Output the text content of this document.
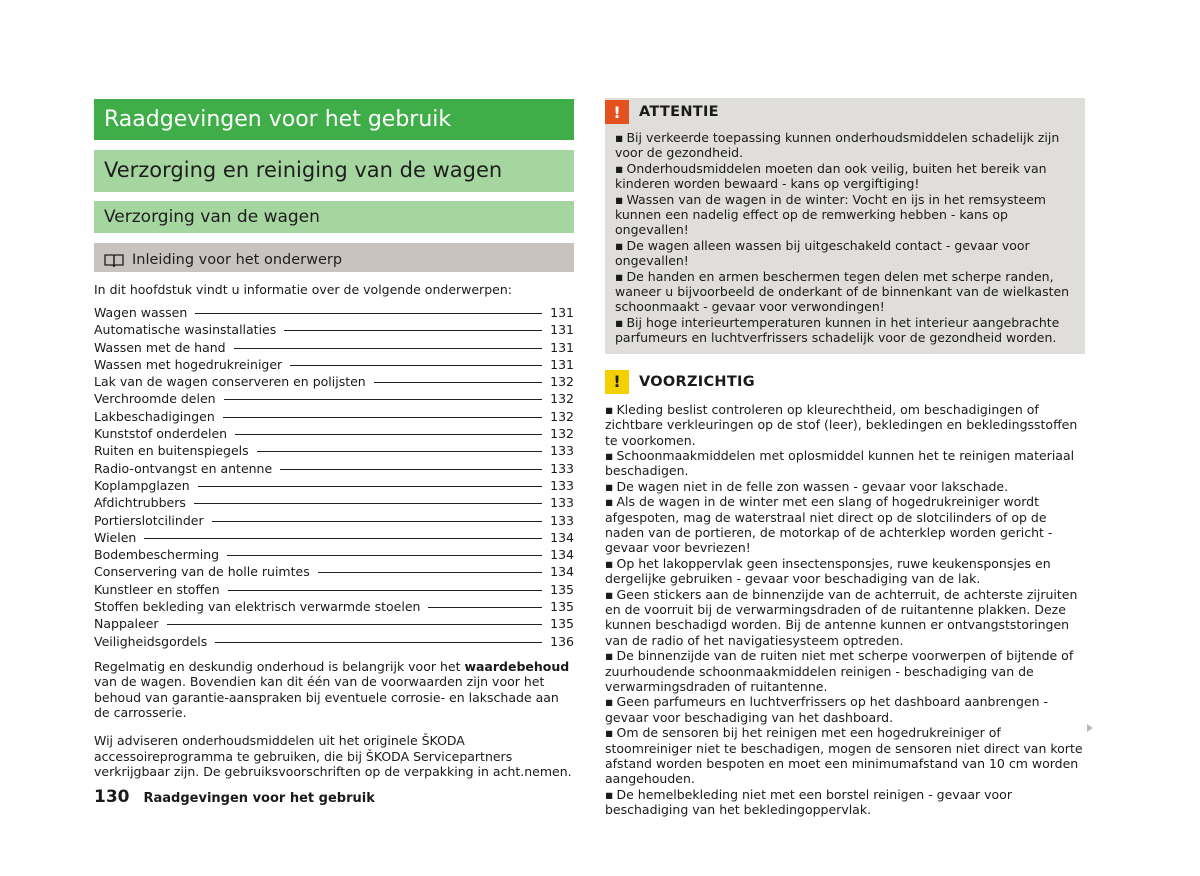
Raadgevingen voor het gebruik
Verzorging en reiniging van de wagen
Verzorging van de wagen
Inleiding voor het onderwerp
In dit hoofdstuk vindt u informatie over de volgende onderwerpen:
Wagen wassen	131
Automatische wasinstallaties	131
Wassen met de hand	131
Wassen met hogedrukreiniger	131
Lak van de wagen conserveren en polijsten	132
Verchroomde delen	132
Lakbeschadigingen	132
Kunststof onderdelen	132
Ruiten en buitenspiegels	133
Radio-ontvangst en antenne	133
Koplampglazen	133
Afdichtrubbers	133
Portierslotcilinder	133
Wielen	134
Bodembescherming	134
Conservering van de holle ruimtes	134
Kunstleer en stoffen	135
Stoffen bekleding van elektrisch verwarmde stoelen	135
Nappaleer	135
Veiligheidsgordels	136

Regelmatig en deskundig onderhoud is belangrijk voor het waardebehoud van de wagen. Bovendien kan dit één van de voorwaarden zijn voor het behoud van garantie-aanspraken bij eventuele corrosie- en lakschade aan de carrosserie.

Wij adviseren onderhoudsmiddelen uit het originele ŠKODA accessoireprogramma te gebruiken, die bij ŠKODA Servicepartners verkrijgbaar zijn. De gebruiksvoorschriften op de verpakking in acht.nemen.

130 Raadgevingen voor het gebruik
!	ATTENTIE
▪ Bij verkeerde toepassing kunnen onderhoudsmiddelen schadelijk zijn voor de gezondheid.
▪ Onderhoudsmiddelen moeten dan ook veilig, buiten het bereik van kinderen worden bewaard - kans op vergiftiging!
▪ Wassen van de wagen in de winter: Vocht en ijs in het remsysteem kunnen een nadelig effect op de remwerking hebben - kans op ongevallen!
▪ De wagen alleen wassen bij uitgeschakeld contact - gevaar voor ongevallen!
▪ De handen en armen beschermen tegen delen met scherpe randen, waneer u bijvoorbeeld de onderkant of de binnenkant van de wielkasten schoonmaakt - gevaar voor verwondingen!
▪ Bij hoge interieurtemperaturen kunnen in het interieur aangebrachte parfumeurs en luchtverfrissers schadelijk voor de gezondheid worden.
!	VOORZICHTIG
▪ Kleding beslist controleren op kleurechtheid, om beschadigingen of zichtbare verkleuringen op de stof (leer), bekledingen en bekledingsstoffen te voorkomen.
▪ Schoonmaakmiddelen met oplosmiddel kunnen het te reinigen materiaal beschadigen.
▪ De wagen niet in de felle zon wassen - gevaar voor lakschade.
▪ Als de wagen in de winter met een slang of hogedrukreiniger wordt afgespoten, mag de waterstraal niet direct op de slotcilinders of op de naden van de portieren, de motorkap of de achterklep worden gericht - gevaar voor bevriezen!
▪ Op het lakoppervlak geen insectensponsjes, ruwe keukensponsjes en dergelijke gebruiken - gevaar voor beschadiging van de lak.
▪ Geen stickers aan de binnenzijde van de achterruit, de achterste zijruiten en de voorruit bij de verwarmingsdraden of de ruitantenne plakken. Deze kunnen beschadigd worden. Bij de antenne kunnen er ontvangststoringen van de radio of het navigatiesysteem optreden.
▪ De binnenzijde van de ruiten niet met scherpe voorwerpen of bijtende of zuurhoudende schoonmaakmiddelen reinigen - beschadiging van de verwarmingsdraden of ruitantenne.
▪ Geen parfumeurs en luchtverfrissers op het dashboard aanbrengen - gevaar voor beschadiging van het dashboard.
▪ Om de sensoren bij het reinigen met een hogedrukreiniger of stoomreiniger niet te beschadigen, mogen de sensoren niet direct van korte afstand worden bespoten en moet een minimumafstand van 10 cm worden aangehouden.
▪ De hemelbekleding niet met een borstel reinigen - gevaar voor beschadiging van het bekledingoppervlak.
